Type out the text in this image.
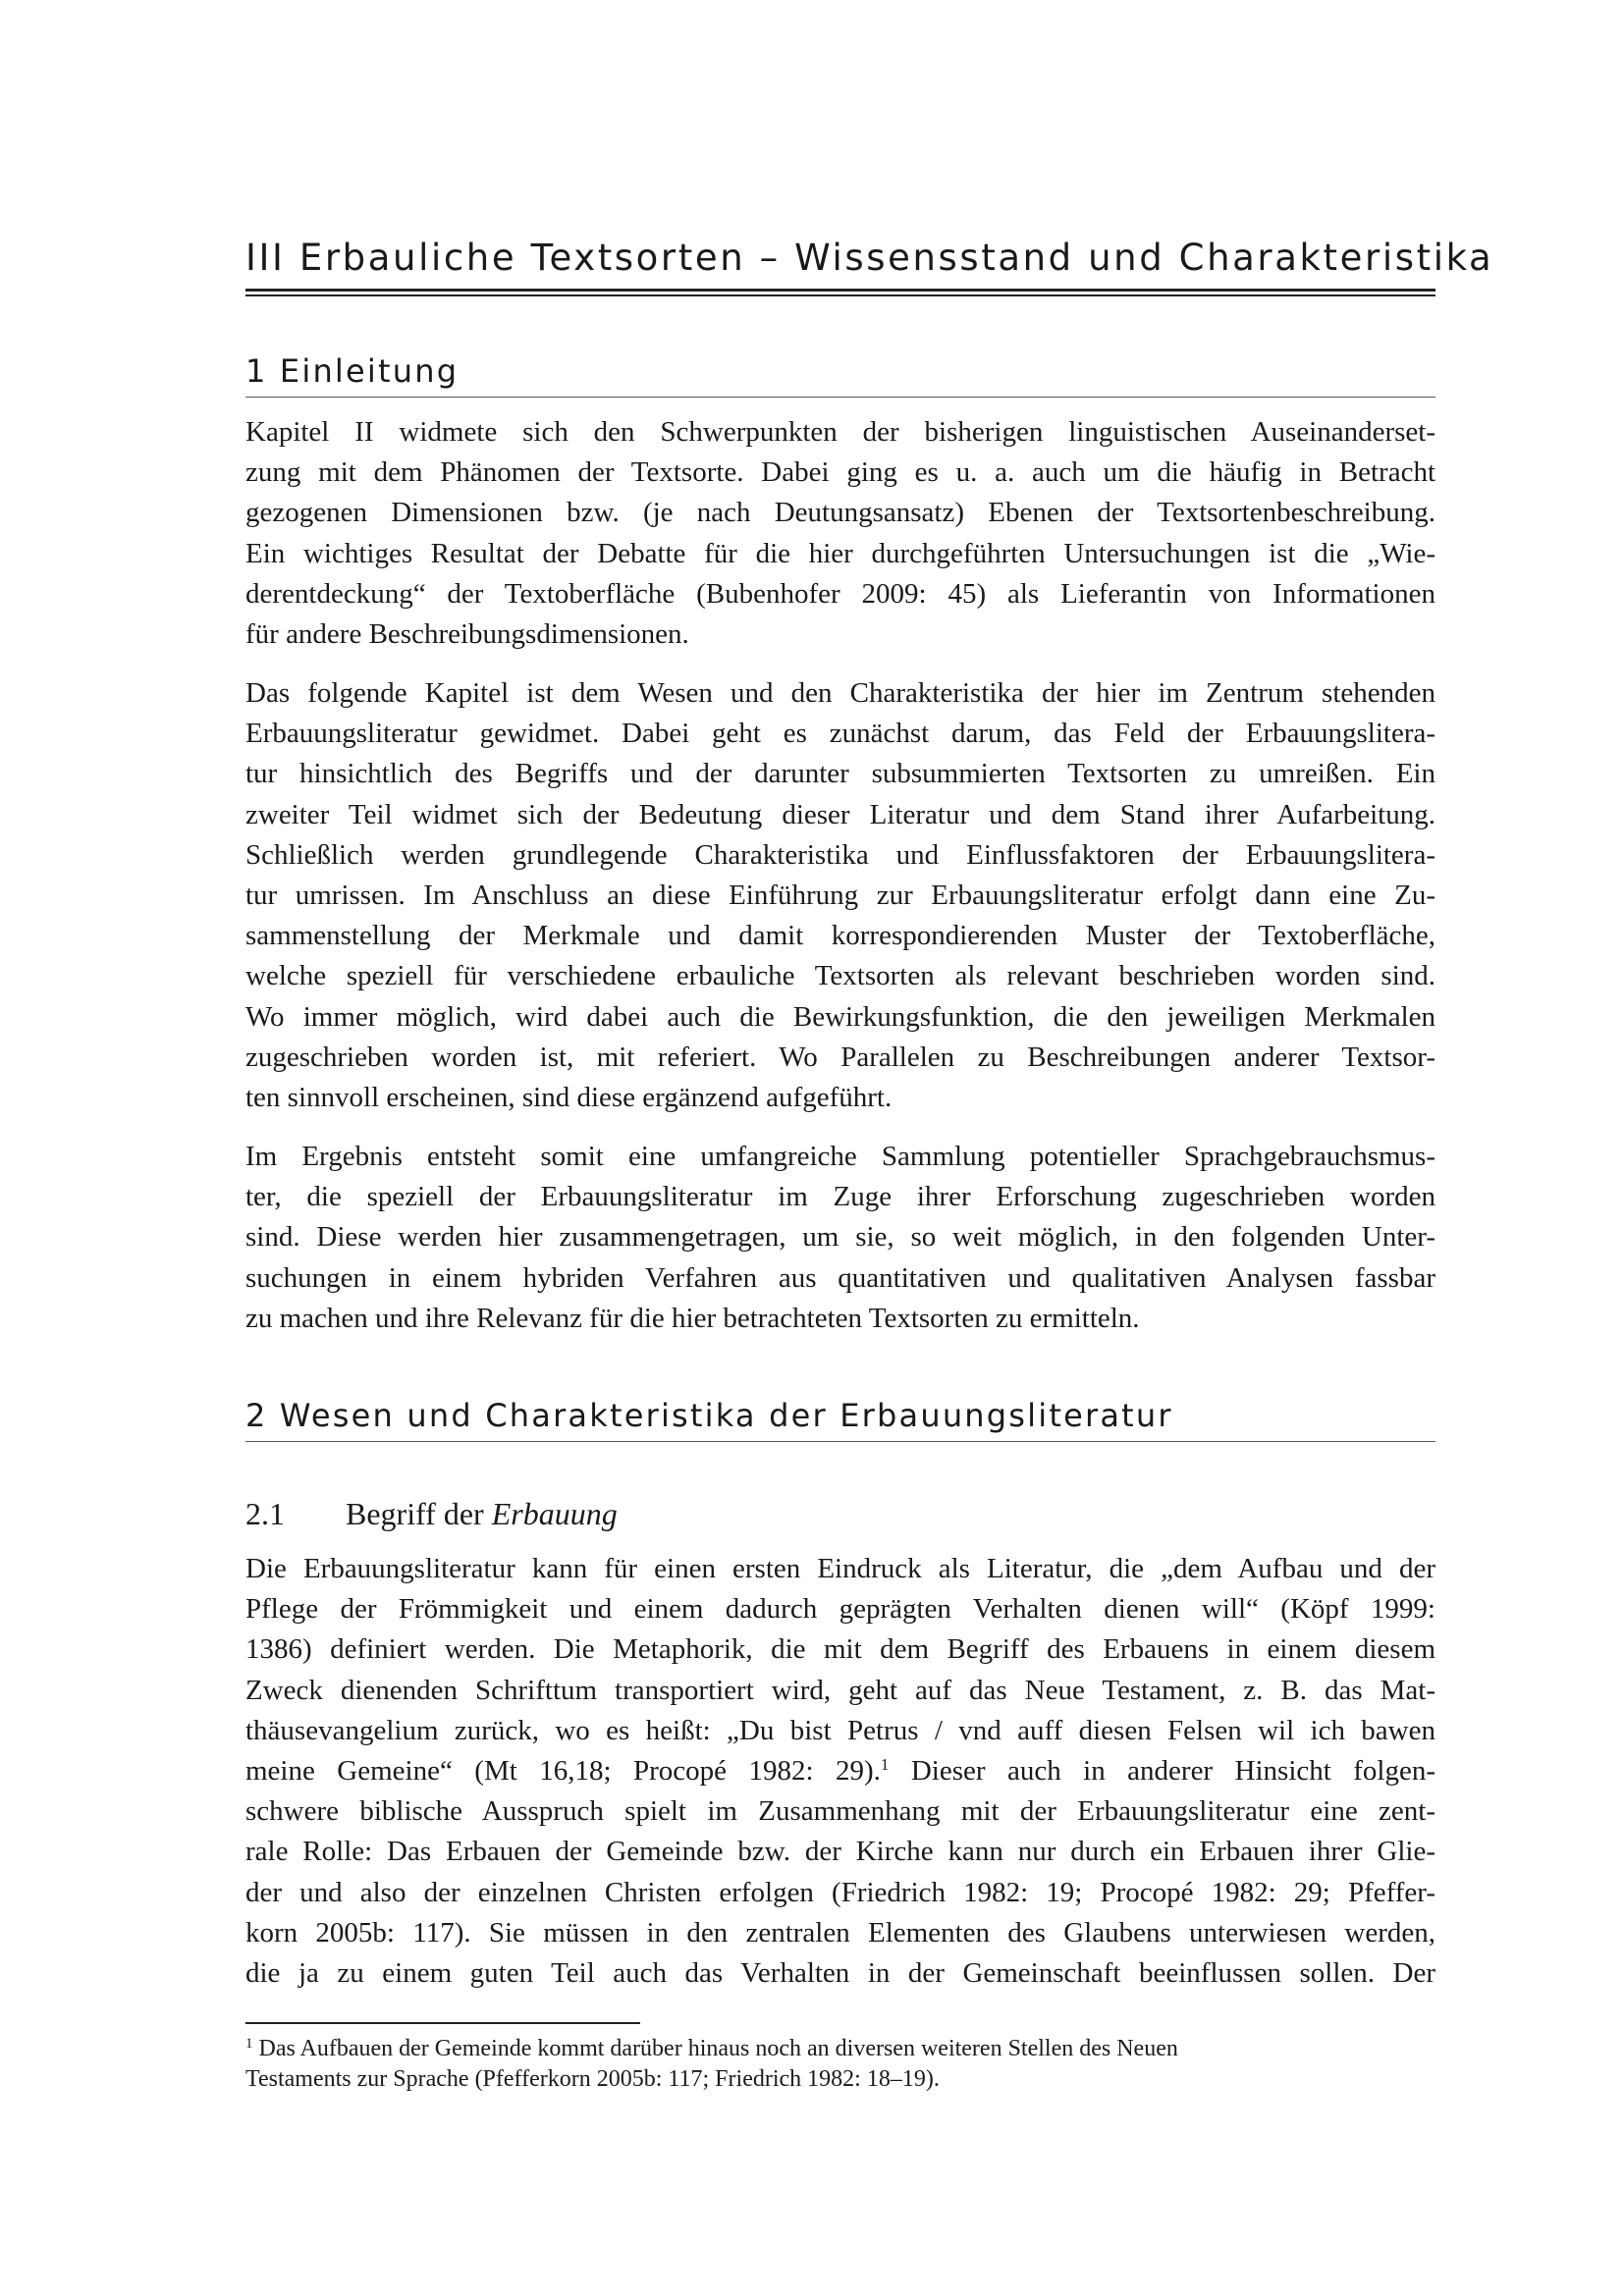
III Erbauliche Textsorten – Wissensstand und Charakteristika
1 Einleitung

Kapitel II widmete sich den Schwerpunkten der bisherigen linguistischen Auseinanderset-
zung mit dem Phänomen der Textsorte. Dabei ging es u. a. auch um die häufig in Betracht
gezogenen Dimensionen bzw. (je nach Deutungsansatz) Ebenen der Textsortenbeschreibung.
Ein wichtiges Resultat der Debatte für die hier durchgeführten Untersuchungen ist die „Wie-
derentdeckung“ der Textoberfläche (Bubenhofer 2009: 45) als Lieferantin von Informationen
für andere Beschreibungsdimensionen.

Das folgende Kapitel ist dem Wesen und den Charakteristika der hier im Zentrum stehenden
Erbauungsliteratur gewidmet. Dabei geht es zunächst darum, das Feld der Erbauungslitera-
tur hinsichtlich des Begriffs und der darunter subsummierten Textsorten zu umreißen. Ein
zweiter Teil widmet sich der Bedeutung dieser Literatur und dem Stand ihrer Aufarbeitung.
Schließlich werden grundlegende Charakteristika und Einflussfaktoren der Erbauungslitera-
tur umrissen. Im Anschluss an diese Einführung zur Erbauungsliteratur erfolgt dann eine Zu-
sammenstellung der Merkmale und damit korrespondierenden Muster der Textoberfläche,
welche speziell für verschiedene erbauliche Textsorten als relevant beschrieben worden sind.
Wo immer möglich, wird dabei auch die Bewirkungsfunktion, die den jeweiligen Merkmalen
zugeschrieben worden ist, mit referiert. Wo Parallelen zu Beschreibungen anderer Textsor-
ten sinnvoll erscheinen, sind diese ergänzend aufgeführt.

Im Ergebnis entsteht somit eine umfangreiche Sammlung potentieller Sprachgebrauchsmus-
ter, die speziell der Erbauungsliteratur im Zuge ihrer Erforschung zugeschrieben worden
sind. Diese werden hier zusammengetragen, um sie, so weit möglich, in den folgenden Unter-
suchungen in einem hybriden Verfahren aus quantitativen und qualitativen Analysen fassbar
zu machen und ihre Relevanz für die hier betrachteten Textsorten zu ermitteln.

2 Wesen und Charakteristika der Erbauungsliteratur
2.1 Begriff der Erbauung

Die Erbauungsliteratur kann für einen ersten Eindruck als Literatur, die „dem Aufbau und der
Pflege der Frömmigkeit und einem dadurch geprägten Verhalten dienen will“ (Köpf 1999:
1386) definiert werden. Die Metaphorik, die mit dem Begriff des Erbauens in einem diesem
Zweck dienenden Schrifttum transportiert wird, geht auf das Neue Testament, z. B. das Mat-
thäusevangelium zurück, wo es heißt: „Du bist Petrus / vnd auff diesen Felsen wil ich bawen
meine Gemeine“ (Mt 16,18; Procopé 1982: 29).$^1$ Dieser auch in anderer Hinsicht folgen-
schwere biblische Ausspruch spielt im Zusammenhang mit der Erbauungsliteratur eine zent-
rale Rolle: Das Erbauen der Gemeinde bzw. der Kirche kann nur durch ein Erbauen ihrer Glie-
der und also der einzelnen Christen erfolgen (Friedrich 1982: 19; Procopé 1982: 29; Pfeffer-
korn 2005b: 117). Sie müssen in den zentralen Elementen des Glaubens unterwiesen werden,
die ja zu einem guten Teil auch das Verhalten in der Gemeinschaft beeinflussen sollen. Der

$^1$ Das Aufbauen der Gemeinde kommt darüber hinaus noch an diversen weiteren Stellen des Neuen
Testaments zur Sprache (Pfefferkorn 2005b: 117; Friedrich 1982: 18–19).
